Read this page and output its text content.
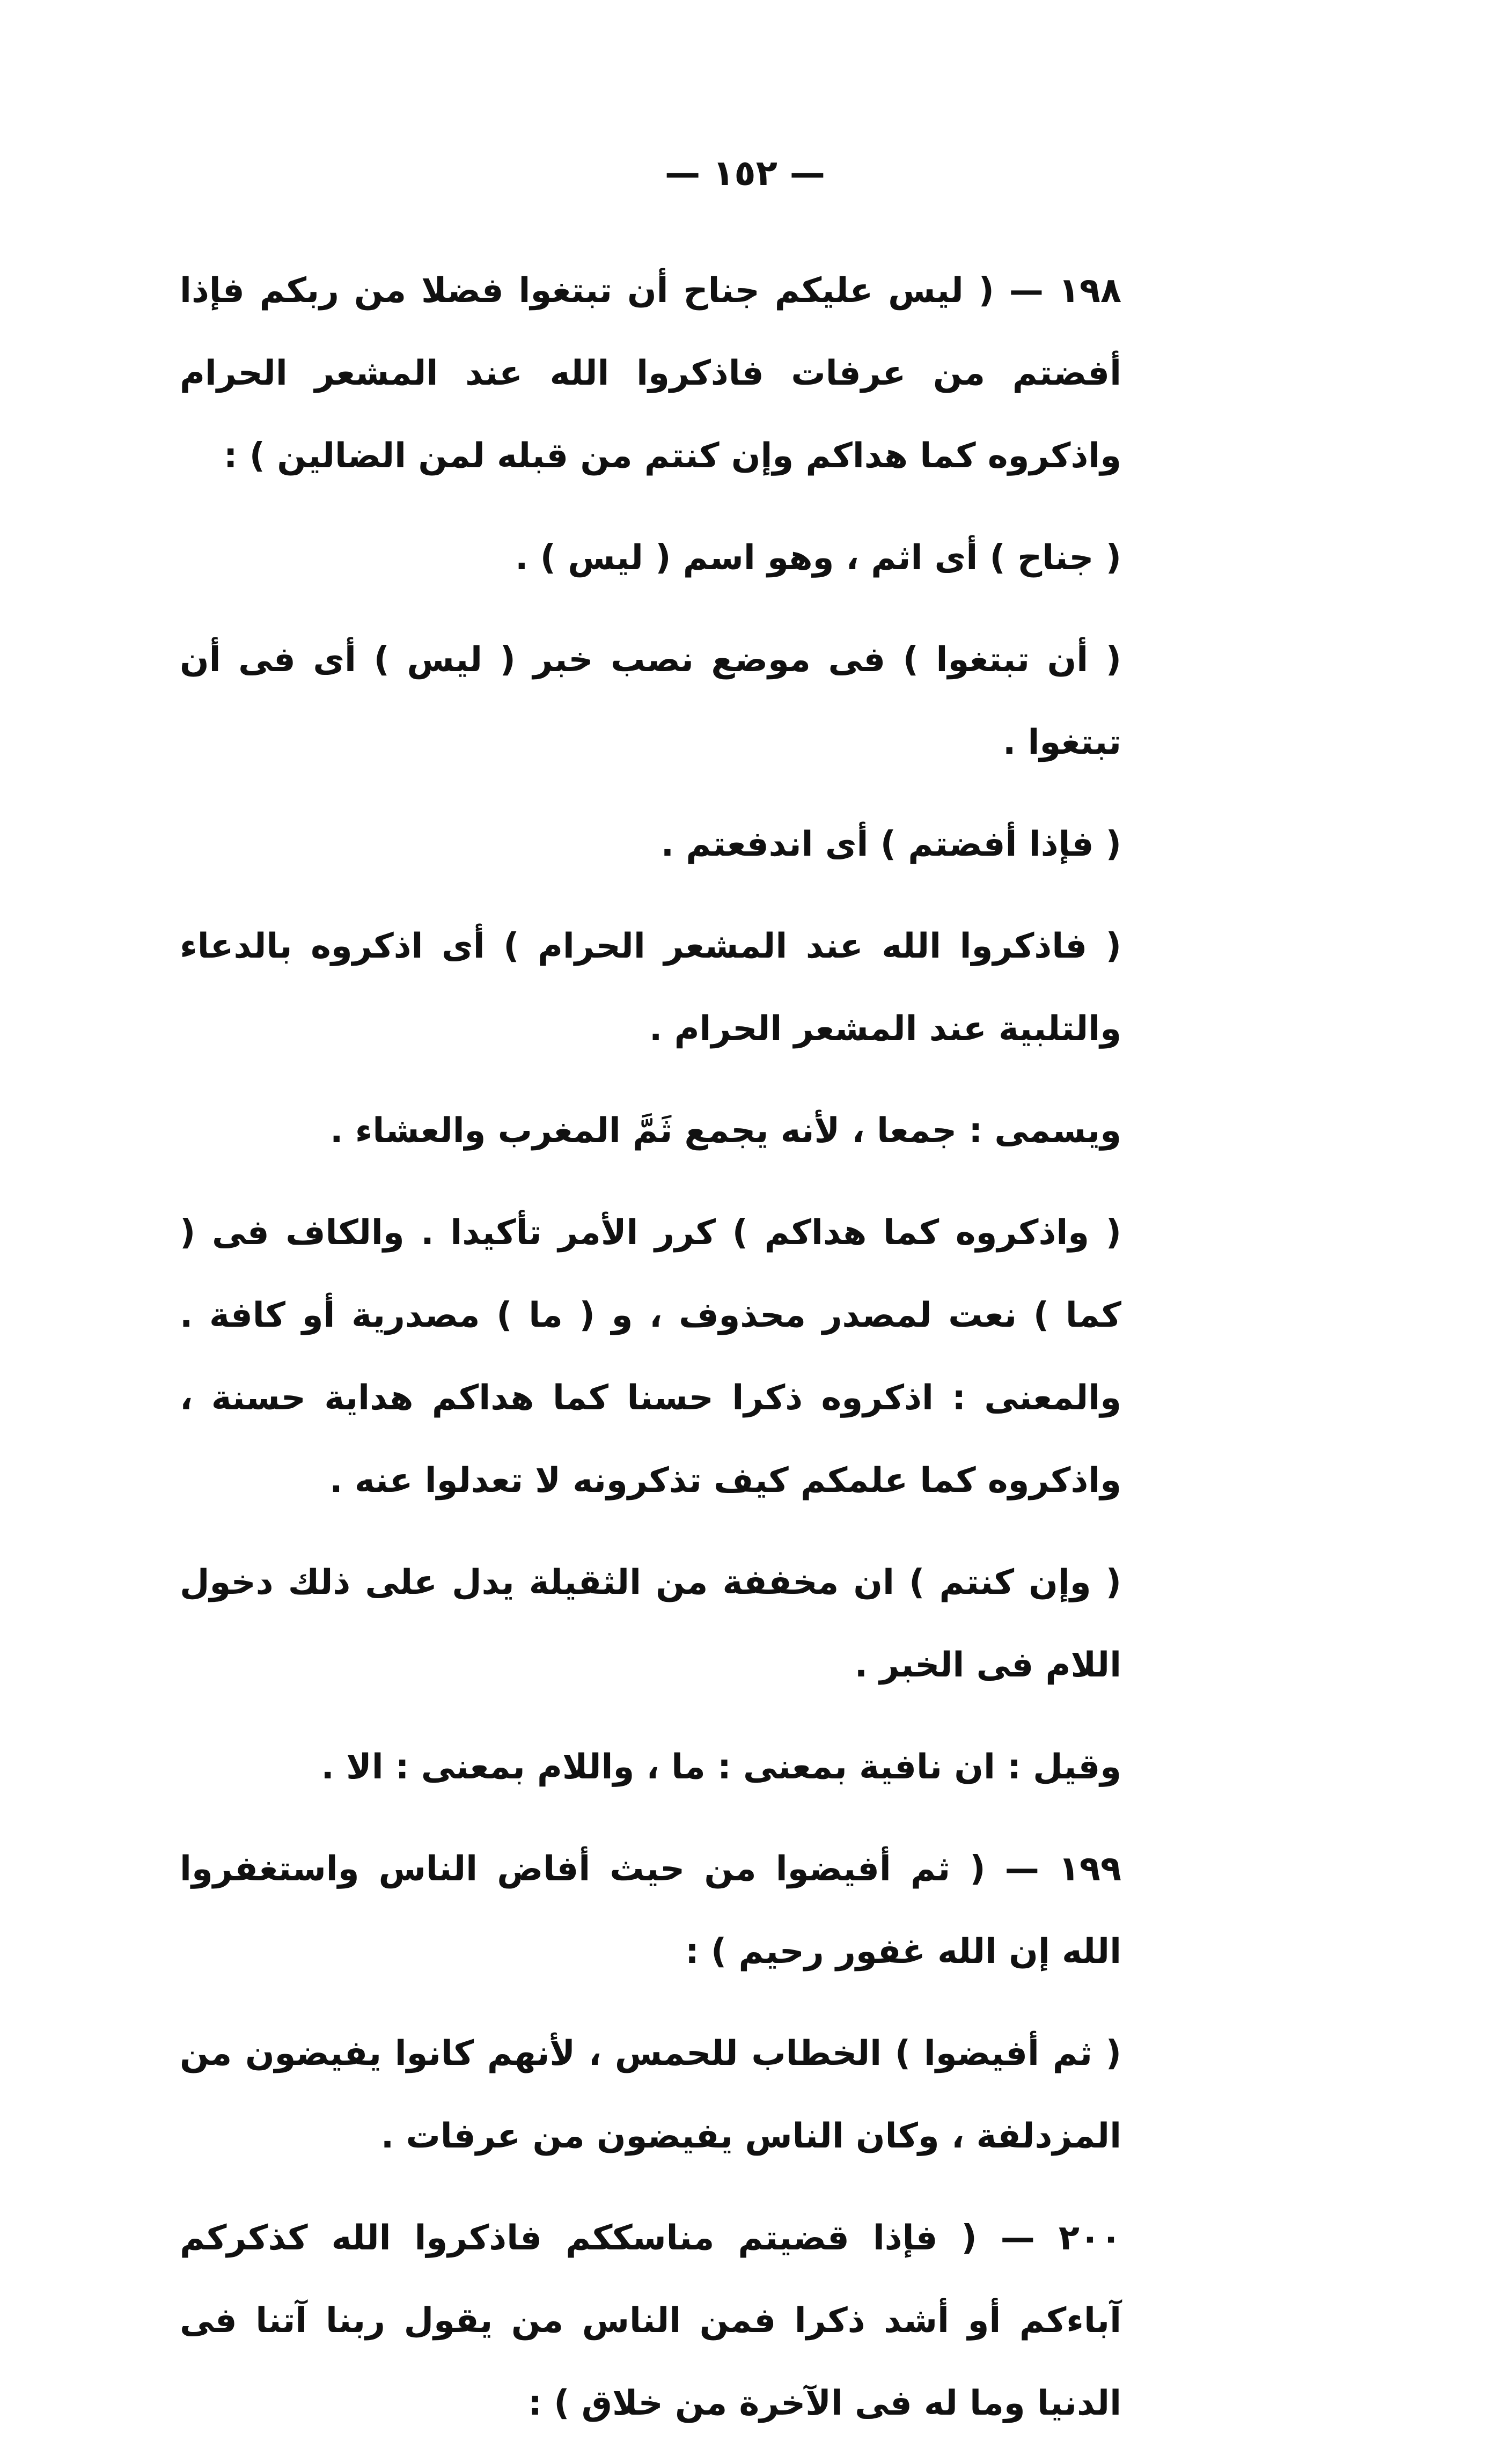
— ١٥٢ —

١٩٨ — ( ليس عليكم جناح أن تبتغوا فضلا من ربكم فإذا أفضتم من عرفات فاذكروا الله عند المشعر الحرام واذكروه كما هداكم وإن كنتم من قبله لمن الضالين ) :

( جناح ) أى اثم ، وهو اسم ( ليس ) .

( أن تبتغوا ) فى موضع نصب خبر ( ليس ) أى فى أن تبتغوا .

( فإذا أفضتم ) أى اندفعتم .

( فاذكروا الله عند المشعر الحرام ) أى اذكروه بالدعاء والتلبية عند المشعر الحرام .

ويسمى : جمعا ، لأنه يجمع ثَمَّ المغرب والعشاء .

( واذكروه كما هداكم ) كرر الأمر تأكيدا . والكاف فى ( كما ) نعت لمصدر محذوف ، و ( ما ) مصدرية أو كافة . والمعنى : اذكروه ذكرا حسنا كما هداكم هداية حسنة ، واذكروه كما علمكم كيف تذكرونه لا تعدلوا عنه .

( وإن كنتم ) ان مخففة من الثقيلة يدل على ذلك دخول اللام فى الخبر .

وقيل : ان نافية بمعنى : ما ، واللام بمعنى : الا .

١٩٩ — ( ثم أفيضوا من حيث أفاض الناس واستغفروا الله إن الله غفور رحيم ) :

( ثم أفيضوا ) الخطاب للحمس ، لأنهم كانوا يفيضون من المزدلفة ، وكان الناس يفيضون من عرفات .

٢٠٠ — ( فإذا قضيتم مناسككم فاذكروا الله كذكركم آباءكم أو أشد ذكرا فمن الناس من يقول ربنا آتنا فى الدنيا وما له فى الآخرة من خلاق ) :
